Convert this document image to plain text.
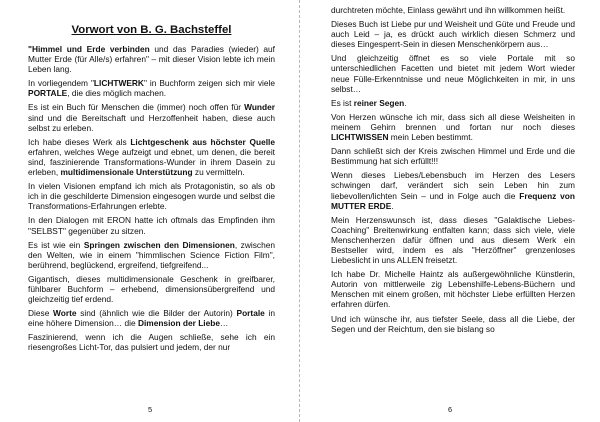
Vorwort von B. G. Bachsteffel

"Himmel und Erde verbinden und das Paradies (wieder) auf Mutter Erde (für Alle/s) erfahren" – mit dieser Vision lebte ich mein Leben lang.

In vorliegendem "LICHTWERK" in Buchform zeigen sich mir viele PORTALE, die dies möglich machen.

Es ist ein Buch für Menschen die (immer) noch offen für Wunder sind und die Bereitschaft und Herzoffenheit haben, diese auch selbst zu erleben.

Ich habe dieses Werk als Lichtgeschenk aus höchster Quelle erfahren, welches Wege aufzeigt und ebnet, um denen, die bereit sind, faszinierende Transformations-Wunder in ihrem Dasein zu erleben, multidimensionale Unterstützung zu vermitteln.

In vielen Visionen empfand ich mich als Protagonistin, so als ob ich in die geschilderte Dimension eingesogen wurde und selbst die Transformations-Erfahrungen erlebte.

In den Dialogen mit ERON hatte ich oftmals das Empfinden ihm "SELBST" gegenüber zu sitzen.

Es ist wie ein Springen zwischen den Dimensionen, zwischen den Welten, wie in einem "himmlischen Science Fiction Film", berührend, beglückend, ergreifend, tiefgreifend...

Gigantisch, dieses multidimensionale Geschenk in greifbarer, fühlbarer Buchform – erhebend, dimensionsübergreifend und gleichzeitig tief erdend.

Diese Worte sind (ähnlich wie die Bilder der Autorin) Portale in eine höhere Dimension… die Dimension der Liebe…

Faszinierend, wenn ich die Augen schließe, sehe ich ein riesengroßes Licht-Tor, das pulsiert und jedem, der nur

5

durchtreten möchte, Einlass gewährt und ihn willkommen heißt.

Dieses Buch ist Liebe pur und Weisheit und Güte und Freude und auch Leid – ja, es drückt auch wirklich diesen Schmerz und dieses Eingesperrt-Sein in diesen Menschenkörpern aus…

Und gleichzeitig öffnet es so viele Portale mit so unterschiedlichen Facetten und bietet mit jedem Wort wieder neue Fülle-Erkenntnisse und neue Möglichkeiten in mir, in uns selbst…

Es ist reiner Segen.

Von Herzen wünsche ich mir, dass sich all diese Weisheiten in meinem Gehirn brennen und fortan nur noch dieses LICHTWISSEN mein Leben bestimmt.

Dann schließt sich der Kreis zwischen Himmel und Erde und die Bestimmung hat sich erfüllt!!!

Wenn dieses Liebes/Lebensbuch im Herzen des Lesers schwingen darf, verändert sich sein Leben hin zum liebevollen/lichten Sein – und in Folge auch die Frequenz von MUTTER ERDE.

Mein Herzenswunsch ist, dass dieses "Galaktische Liebes-Coaching" Breitenwirkung entfalten kann; dass sich viele, viele Menschenherzen dafür öffnen und aus diesem Werk ein Bestseller wird, indem es als "Herzöffner" grenzenloses Liebeslicht in uns ALLEN freisetzt.

Ich habe Dr. Michelle Haintz als außergewöhnliche Künstlerin, Autorin von mittlerweile zig Lebenshilfe-Lebens-Büchern und Menschen mit einem großen, mit höchster Liebe erfüllten Herzen erfahren dürfen.

Und ich wünsche ihr, aus tiefster Seele, dass all die Liebe, der Segen und der Reichtum, den sie bislang so

6
